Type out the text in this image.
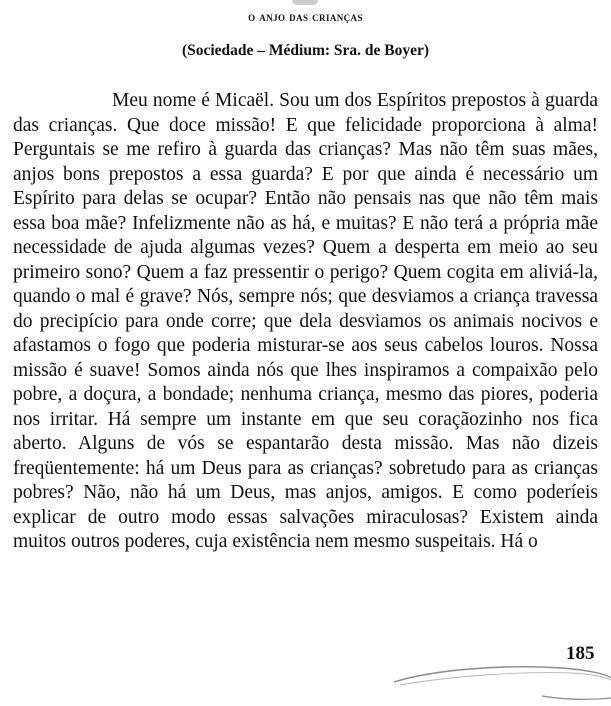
o anjo das crianças
(Sociedade – Médium: Sra. de Boyer)

Meu nome é Micaël. Sou um dos Espíritos prepostos à guarda das crianças. Que doce missão! E que felicidade proporciona à alma! Perguntais se me refiro à guarda das crianças? Mas não têm suas mães, anjos bons prepostos a essa guarda? E por que ainda é necessário um Espírito para delas se ocupar? Então não pensais nas que não têm mais essa boa mãe? Infelizmente não as há, e muitas? E não terá a própria mãe necessidade de ajuda algumas vezes? Quem a desperta em meio ao seu primeiro sono? Quem a faz pressentir o perigo? Quem cogita em aliviá-la, quando o mal é grave? Nós, sempre nós; que desviamos a criança travessa do precipício para onde corre; que dela desviamos os animais nocivos e afastamos o fogo que poderia misturar-se aos seus cabelos louros. Nossa missão é suave! Somos ainda nós que lhes inspiramos a compaixão pelo pobre, a doçura, a bondade; nenhuma criança, mesmo das piores, poderia nos irritar. Há sempre um instante em que seu coraçãozinho nos fica aberto. Alguns de vós se espantarão desta missão. Mas não dizeis freqüentemente: há um Deus para as crianças? sobretudo para as crianças pobres? Não, não há um Deus, mas anjos, amigos. E como poderíeis explicar de outro modo essas salvações miraculosas? Existem ainda muitos outros poderes, cuja existência nem mesmo suspeitais. Há o

185
